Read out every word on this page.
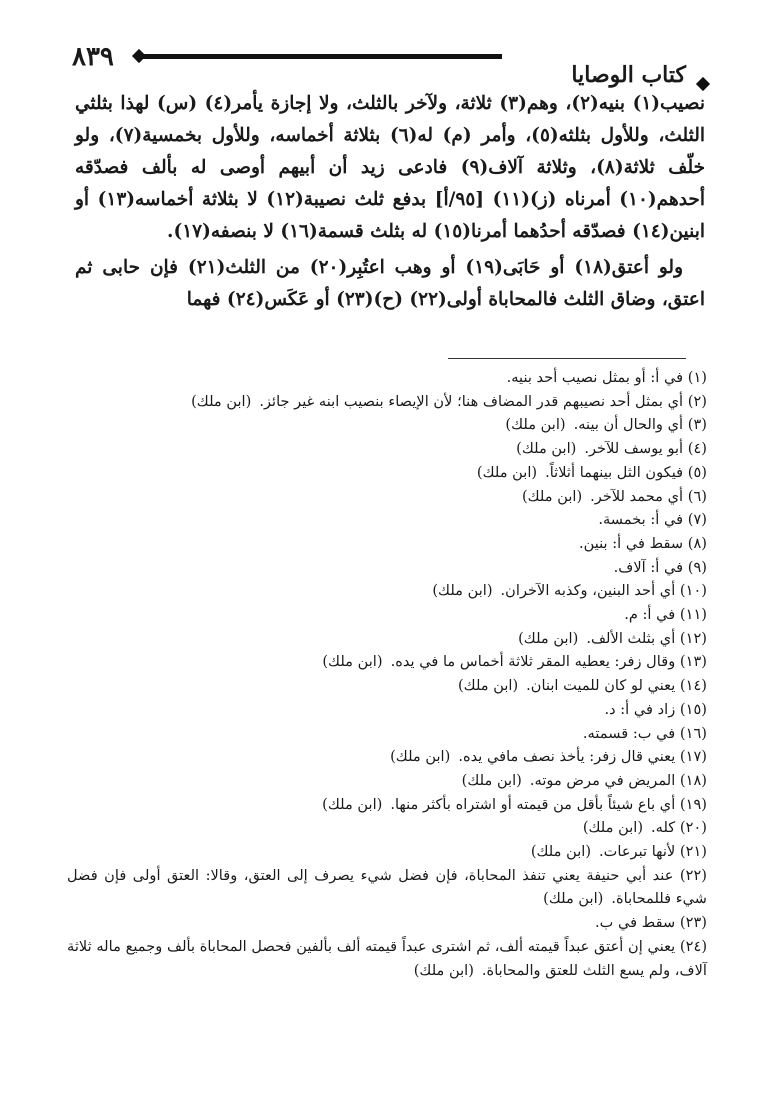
٨٣٩
كتاب الوصايا

نصيب(١) بنيه(٢)، وهم(٣) ثلاثة، ولآخر بالثلث، ولا إجازة يأمر(٤) (س) لهذا بثلثي الثلث، وللأول بثلثه(٥)، وأمر (م) له(٦) بثلاثة أخماسه، وللأول بخمسية(٧)، ولو خلّف ثلاثة(٨)، وثلاثة آلاف(٩) فادعى زيد أن أبيهم أوصى له بألف فصدّقه أحدهم(١٠) أمرناه (ز)(١١) [٩٥/أ] بدفع ثلث نصيبة(١٢) لا بثلاثة أخماسه(١٣) أو ابنين(١٤) فصدّقه أحدُهما أمرنا(١٥) له بثلث قسمة(١٦) لا بنصفه(١٧).

ولو أعتق(١٨) أو حَابَى(١٩) أو وهب اعتُبِر(٢٠) من الثلث(٢١) فإن حابى ثم اعتق، وضاق الثلث فالمحاباة أولى(٢٢) (ح)(٢٣) أو عَكَس(٢٤) فهما

(١) في أ: أو بمثل نصيب أحد بنيه.

(٢) أي بمثل أحد نصيبهم قدر المضاف هنا؛ لأن الإيصاء بنصيب ابنه غير جائز.(ابن ملك)

(٣) أي والحال أن بينه.(ابن ملك)

(٤) أبو يوسف للآخر.(ابن ملك)

(٥) فيكون الثل بينهما أثلاثاً.(ابن ملك)

(٦) أي محمد للآخر.(ابن ملك)

(٧) في أ: بخمسة.

(٨) سقط في أ: بنين.

(٩) في أ: آلاف.

(١٠) أي أحد البنين، وكذبه الآخران.(ابن ملك)

(١١) في أ: م.

(١٢) أي بثلث الألف.(ابن ملك)

(١٣) وقال زفر: يعطيه المقر ثلاثة أخماس ما في يده.(ابن ملك)

(١٤) يعني لو كان للميت ابنان.(ابن ملك)

(١٥) زاد في أ: د.

(١٦) في ب: قسمته.

(١٧) يعني قال زفر: يأخذ نصف مافي يده.(ابن ملك)

(١٨) المريض في مرض موته.(ابن ملك)

(١٩) أي باع شيئاً بأقل من قيمته أو اشتراه بأكثر منها.(ابن ملك)

(٢٠) كله.(ابن ملك)

(٢١) لأنها تبرعات.(ابن ملك)

(٢٢) عند أبي حنيفة يعني تنفذ المحاباة، فإن فضل شيء يصرف إلى العتق، وقالا: العتق أولى فإن فضل شيء فللمحاباة.(ابن ملك)

(٢٣) سقط في ب.

(٢٤) يعني إن أعتق عبداً قيمته ألف، ثم اشترى عبداً قيمته ألف بألفين فحصل المحاباة بألف وجميع ماله ثلاثة آلاف، ولم يسع الثلث للعتق والمحاباة.(ابن ملك)
